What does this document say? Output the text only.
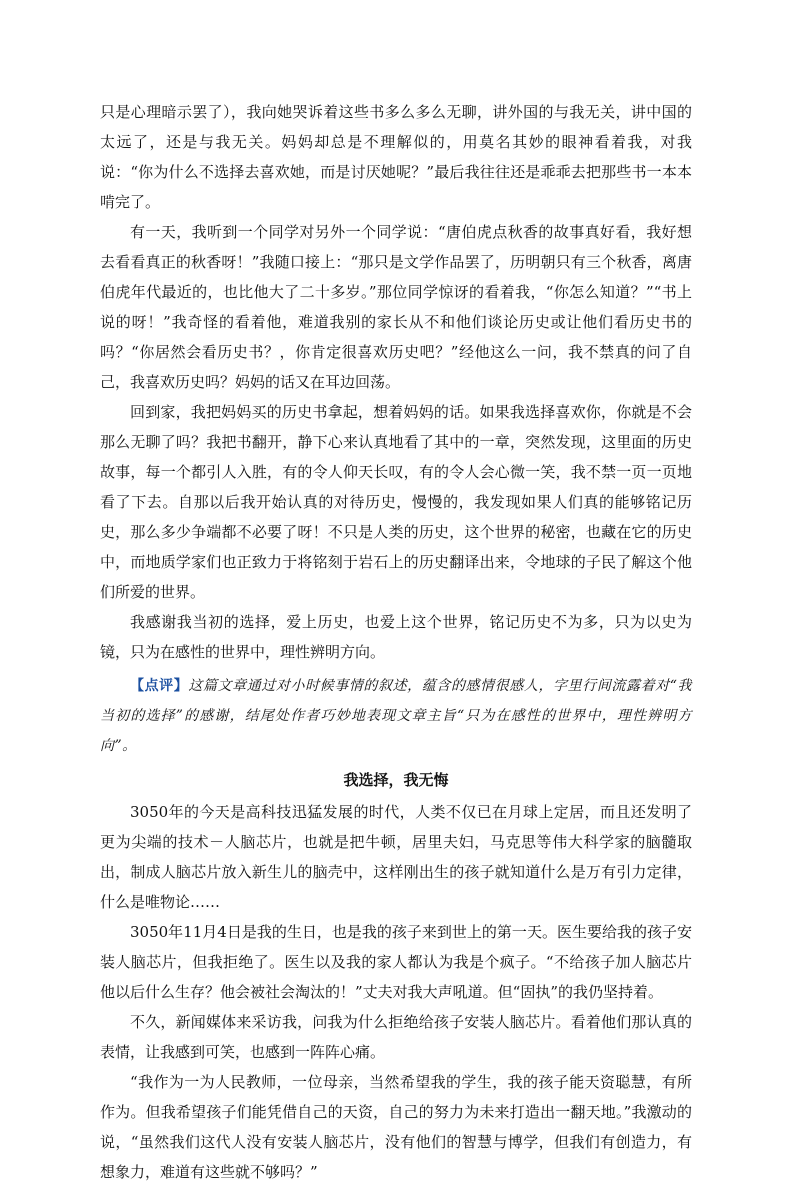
只是心理暗示罢了），我向她哭诉着这些书多么多么无聊，讲外国的与我无关，讲中国的太远了，还是与我无关。妈妈却总是不理解似的，用莫名其妙的眼神看着我，对我说：“你为什么不选择去喜欢她，而是讨厌她呢？”最后我往往还是乖乖去把那些书一本本啃完了。

有一天，我听到一个同学对另外一个同学说：“唐伯虎点秋香的故事真好看，我好想去看看真正的秋香呀！”我随口接上：“那只是文学作品罢了，历明朝只有三个秋香，离唐伯虎年代最近的，也比他大了二十多岁。”那位同学惊讶的看着我，“你怎么知道？”“书上说的呀！”我奇怪的看着他，难道我别的家长从不和他们谈论历史或让他们看历史书的吗？“你居然会看历史书？，你肯定很喜欢历史吧？”经他这么一问，我不禁真的问了自己，我喜欢历史吗？妈妈的话又在耳边回荡。

回到家，我把妈妈买的历史书拿起，想着妈妈的话。如果我选择喜欢你，你就是不会那么无聊了吗？我把书翻开，静下心来认真地看了其中的一章，突然发现，这里面的历史故事，每一个都引人入胜，有的令人仰天长叹，有的令人会心微一笑，我不禁一页一页地看了下去。自那以后我开始认真的对待历史，慢慢的，我发现如果人们真的能够铭记历史，那么多少争端都不必要了呀！不只是人类的历史，这个世界的秘密，也藏在它的历史中，而地质学家们也正致力于将铭刻于岩石上的历史翻译出来，令地球的子民了解这个他们所爱的世界。

我感谢我当初的选择，爱上历史，也爱上这个世界，铭记历史不为多，只为以史为镜，只为在感性的世界中，理性辨明方向。

【点评】这篇文章通过对小时候事情的叙述，蕴含的感情很感人，字里行间流露着对“我当初的选择”的感谢，结尾处作者巧妙地表现文章主旨“只为在感性的世界中，理性辨明方向”。

我选择，我无悔

3050年的今天是高科技迅猛发展的时代，人类不仅已在月球上定居，而且还发明了更为尖端的技术－人脑芯片，也就是把牛顿，居里夫妇，马克思等伟大科学家的脑髓取出，制成人脑芯片放入新生儿的脑壳中，这样刚出生的孩子就知道什么是万有引力定律，什么是唯物论……

3050年11月4日是我的生日，也是我的孩子来到世上的第一天。医生要给我的孩子安装人脑芯片，但我拒绝了。医生以及我的家人都认为我是个疯子。“不给孩子加人脑芯片他以后什么生存？他会被社会淘汰的！”丈夫对我大声吼道。但“固执”的我仍坚持着。

不久，新闻媒体来采访我，问我为什么拒绝给孩子安装人脑芯片。看着他们那认真的表情，让我感到可笑，也感到一阵阵心痛。

“我作为一为人民教师，一位母亲，当然希望我的学生，我的孩子能天资聪慧，有所作为。但我希望孩子们能凭借自己的天资，自己的努力为未来打造出一翻天地。”我激动的说，“虽然我们这代人没有安装人脑芯片，没有他们的智慧与博学，但我们有创造力，有想象力，难道有这些就不够吗？”
